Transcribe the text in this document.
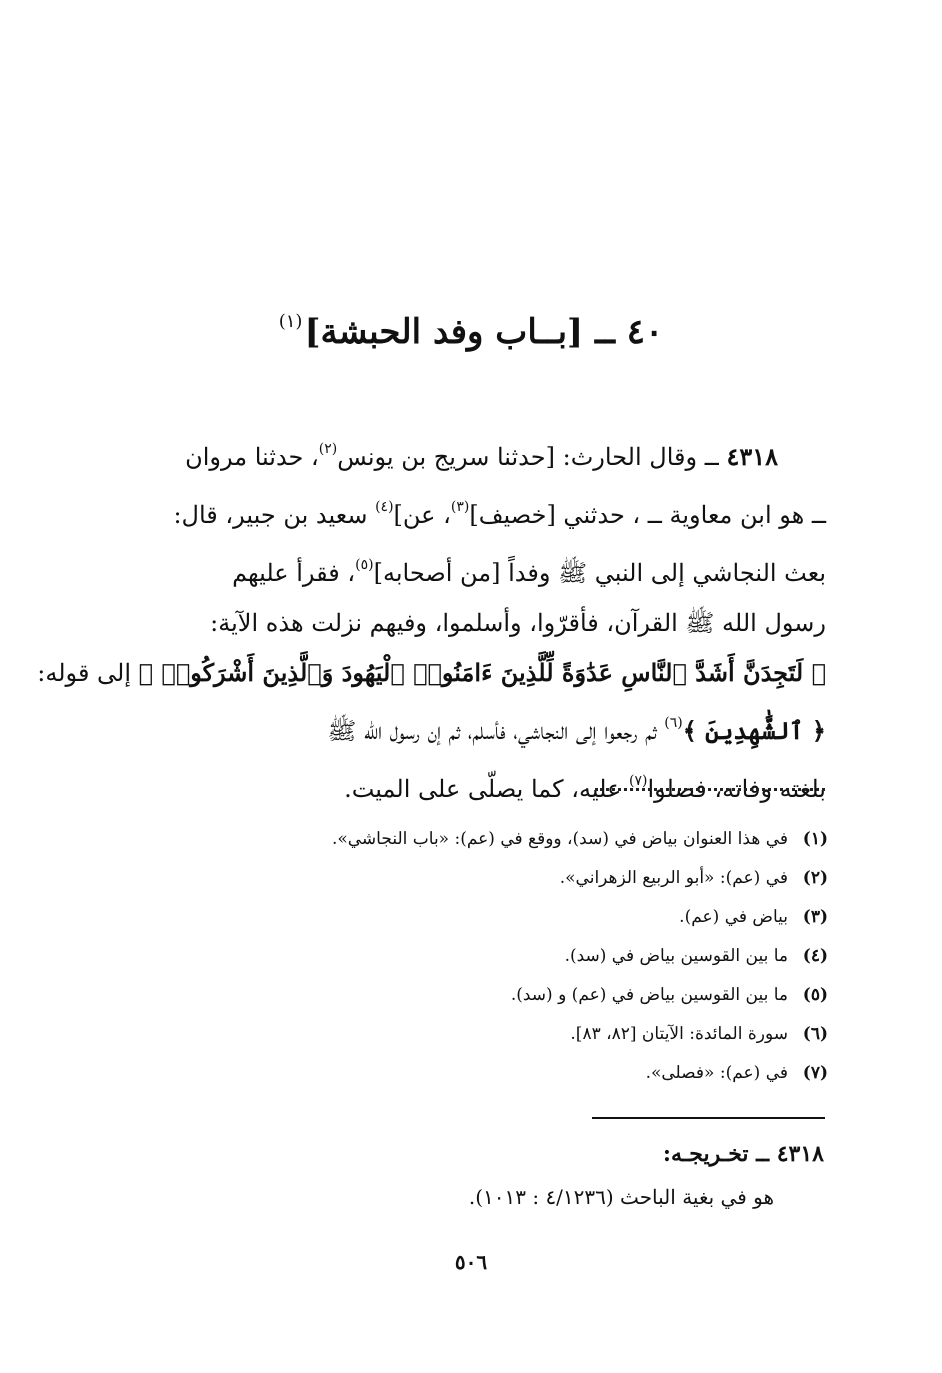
٤٠ ــ [بــاب وفد الحبشة]$^{(١)}$
٤٣١٨ ــ وقال الحارث: [حدثنا سريج بن يونس$^{(٢)}$، حدثنا مروان
ــ هو ابن معاوية ــ ، حدثني [خصيف]$^{(٣)}$، عن]$^{(٤)}$ سعيد بن جبير، قال:
بعث النجاشي إلى النبي ﷺ وفداً [من أصحابه]$^{(٥)}$، فقرأ عليهم
رسول الله ﷺ القرآن، فأقرّوا، وأسلموا، وفيهم نزلت هذه الآية:
﴿ لَتَجِدَنَّ أَشَدَّ ٱلنَّاسِ عَدَٰوَةً لِّلَّذِينَ ءَامَنُوا۟ ٱلْيَهُودَ وَٱلَّذِينَ أَشْرَكُوا۟ ﴾ إلى قوله:
﴿ ٱلشَّٰهِدِينَ ﴾$^{(٦)}$ ثم رجعوا إلى النجاشي، فأسلم، ثم إن رسول الله ﷺ
بلغته وفاته، فصلوا$^{(٧)}$ عليه، كما يصلّى على الميت.
(١)في هذا العنوان بياض في (سد)، ووقع في (عم): «باب النجاشي».
(٢)في (عم): «أبو الربيع الزهراني».
(٣)بياض في (عم).
(٤)ما بين القوسين بياض في (سد).
(٥)ما بين القوسين بياض في (عم) و (سد).
(٦)سورة المائدة: الآيتان [٨٢، ٨٣].
(٧)في (عم): «فصلى».
٤٣١٨ ــ تخـريجـه:
هو في بغية الباحث (٤/١٢٣٦ : ١٠١٣).
٥٠٦
